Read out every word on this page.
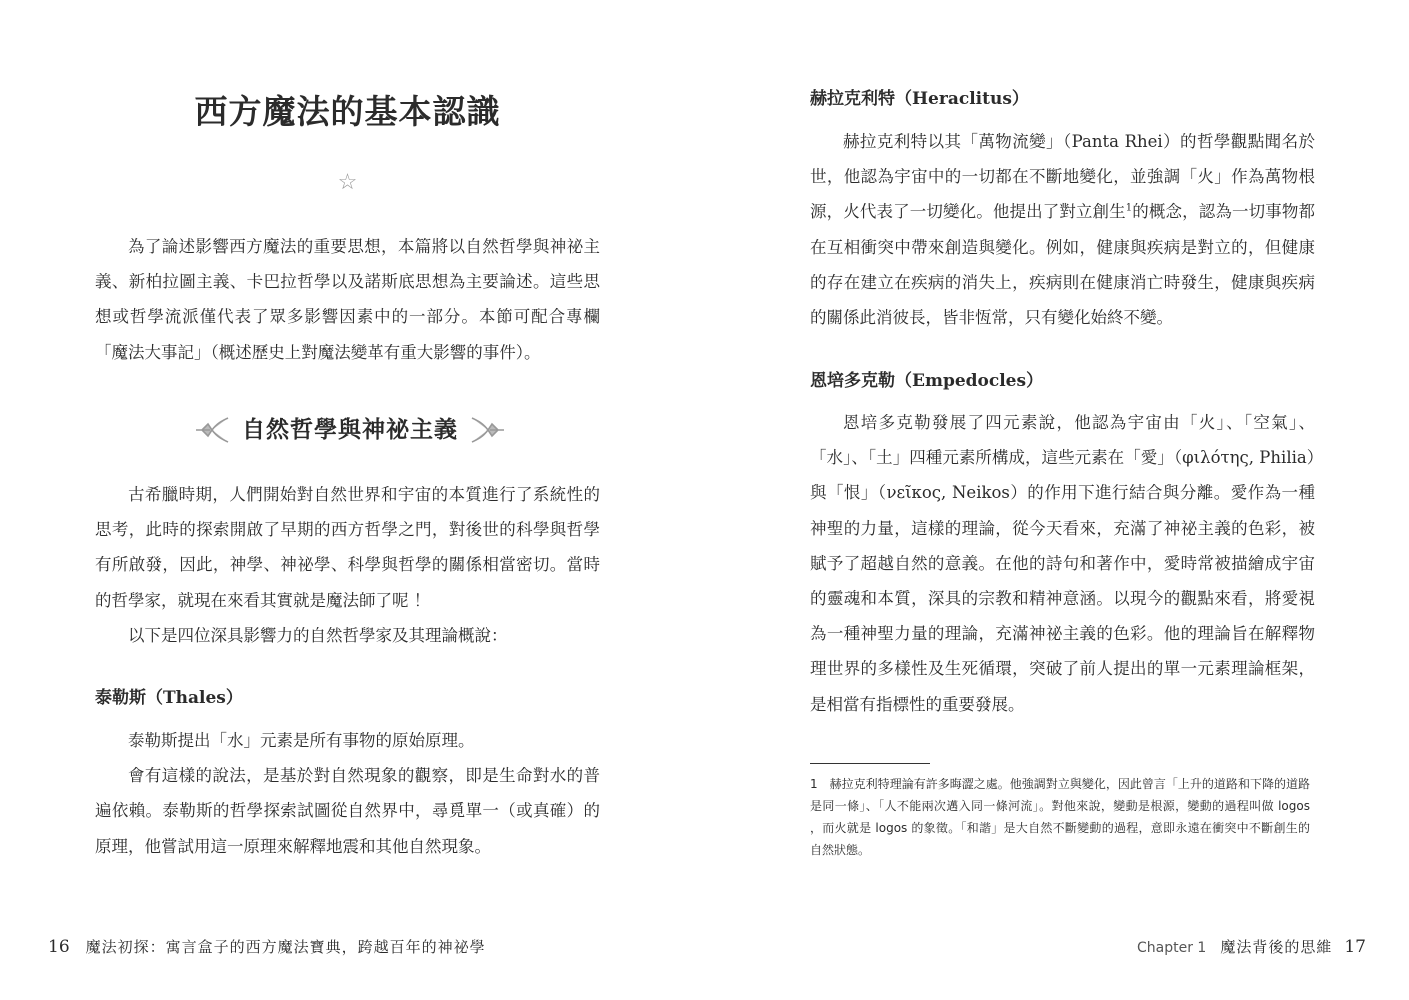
西方魔法的基本認識
☆

為了論述影響西方魔法的重要思想，本篇將以自然哲學與神祕主義、新柏拉圖主義、卡巴拉哲學以及諾斯底思想為主要論述。這些思想或哲學流派僅代表了眾多影響因素中的一部分。本節可配合專欄「魔法大事記」（概述歷史上對魔法變革有重大影響的事件）。

自然哲學與神祕主義

古希臘時期，人們開始對自然世界和宇宙的本質進行了系統性的思考，此時的探索開啟了早期的西方哲學之門，對後世的科學與哲學有所啟發，因此，神學、神祕學、科學與哲學的關係相當密切。當時的哲學家，就現在來看其實就是魔法師了呢 ！

以下是四位深具影響力的自然哲學家及其理論概說：

泰勒斯（Thales）

泰勒斯提出「水」元素是所有事物的原始原理。

會有這樣的說法，是基於對自然現象的觀察，即是生命對水的普遍依賴。泰勒斯的哲學探索試圖從自然界中，尋覓單一（或真確）的原理，他嘗試用這一原理來解釋地震和其他自然現象。

16 魔法初探：寓言盒子的西方魔法寶典，跨越百年的神祕學
赫拉克利特（Heraclitus）

赫拉克利特以其「萬物流變」（Panta Rhei）的哲學觀點聞名於世，他認為宇宙中的一切都在不斷地變化，並強調「火」作為萬物根源，火代表了一切變化。他提出了對立創生$^1$的概念，認為一切事物都在互相衝突中帶來創造與變化。例如，健康與疾病是對立的，但健康的存在建立在疾病的消失上，疾病則在健康消亡時發生，健康與疾病的關係此消彼長，皆非恆常，只有變化始終不變。

恩培多克勒（Empedocles）

恩培多克勒發展了四元素說，他認為宇宙由「火」、「空氣」、「水」、「土」四種元素所構成，這些元素在「愛」（φιλότης, Philia）與「恨」（νεῖκος, Neikos）的作用下進行結合與分離。愛作為一種神聖的力量，這樣的理論，從今天看來，充滿了神祕主義的色彩，被賦予了超越自然的意義。在他的詩句和著作中，愛時常被描繪成宇宙的靈魂和本質，深具的宗教和精神意涵。以現今的觀點來看，將愛視為一種神聖力量的理論，充滿神祕主義的色彩。他的理論旨在解釋物理世界的多樣性及生死循環，突破了前人提出的單一元素理論框架，是相當有指標性的重要發展。

1 赫拉克利特理論有許多晦澀之處。他強調對立與變化，因此曾言「上升的道路和下降的道路是同一條」、「人不能兩次邁入同一條河流」。對他來說，變動是根源，變動的過程叫做 logos ，而火就是 logos 的象徵。「和諧」是大自然不斷變動的過程，意即永遠在衝突中不斷創生的自然狀態。

Chapter 1 魔法背後的思維 17
